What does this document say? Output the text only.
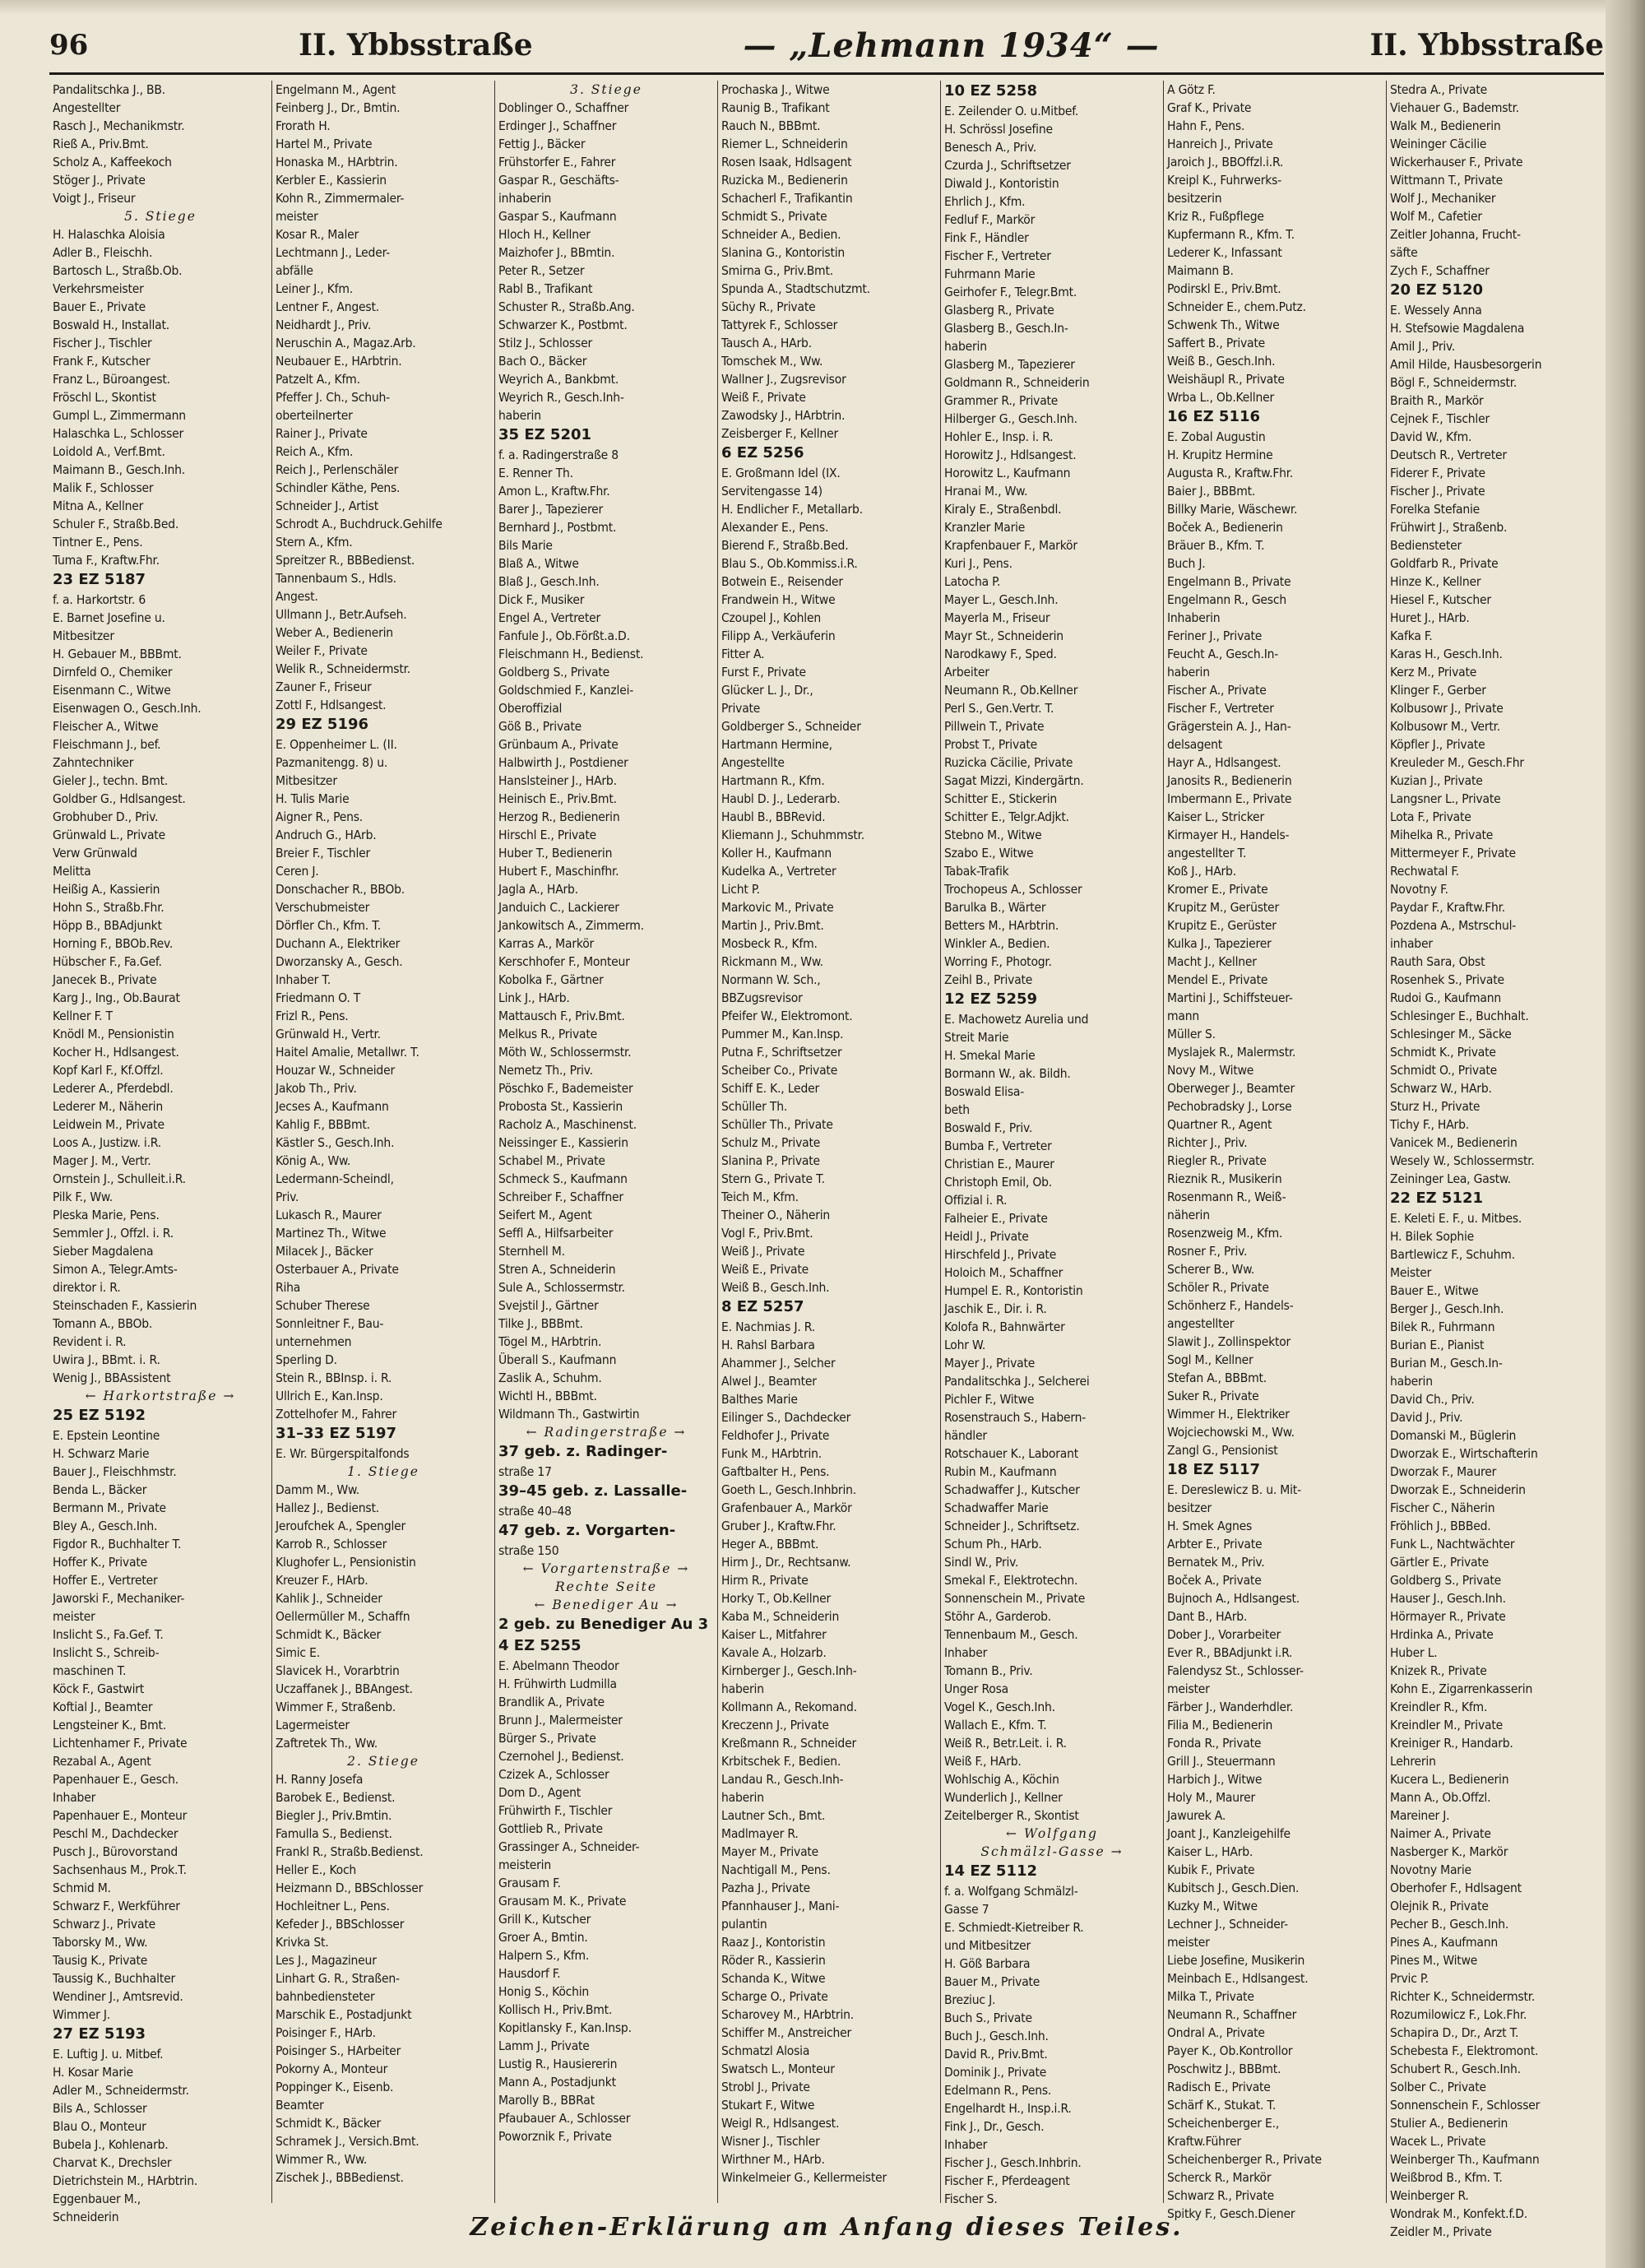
96	II. Ybbsstraße	— „Lehmann 1934“ —	II. Ybbsstraße
Pandalitschka J., BB.
Angestellter
Rasch J., Mechanikmstr.
Rieß A., Priv.Bmt.
Scholz A., Kaffeekoch
Stöger J., Private
Voigt J., Friseur
5. Stiege
H. Halaschka Aloisia
Adler B., Fleischh.
Bartosch L., Straßb.Ob.
Verkehrsmeister
Bauer E., Private
Boswald H., Installat.
Fischer J., Tischler
Frank F., Kutscher
Franz L., Büroangest.
Fröschl L., Skontist
Gumpl L., Zimmermann
Halaschka L., Schlosser
Loidold A., Verf.Bmt.
Maimann B., Gesch.Inh.
Malik F., Schlosser
Mitna A., Kellner
Schuler F., Straßb.Bed.
Tintner E., Pens.
Tuma F., Kraftw.Fhr.
23 EZ 5187
f. a. Harkortstr. 6
E. Barnet Josefine u.
Mitbesitzer
H. Gebauer M., BBBmt.
Dirnfeld O., Chemiker
Eisenmann C., Witwe
Eisenwagen O., Gesch.Inh.
Fleischer A., Witwe
Fleischmann J., bef.
Zahntechniker
Gieler J., techn. Bmt.
Goldber G., Hdlsangest.
Grobhuber D., Priv.
Grünwald L., Private
Verw Grünwald
Melitta
Heißig A., Kassierin
Hohn S., Straßb.Fhr.
Höpp B., BBAdjunkt
Horning F., BBOb.Rev.
Hübscher F., Fa.Gef.
Janecek B., Private
Karg J., Ing., Ob.Baurat
Kellner F. T
Knödl M., Pensionistin
Kocher H., Hdlsangest.
Kopf Karl F., Kf.Offzl.
Lederer A., Pferdebdl.
Lederer M., Näherin
Leidwein M., Private
Loos A., Justizw. i.R.
Mager J. M., Vertr.
Ornstein J., Schulleit.i.R.
Pilk F., Ww.
Pleska Marie, Pens.
Semmler J., Offzl. i. R.
Sieber Magdalena
Simon A., Telegr.Amts-
direktor i. R.
Steinschaden F., Kassierin
Tomann A., BBOb.
Revident i. R.
Uwira J., BBmt. i. R.
Wenig J., BBAssistent
← Harkortstraße →
25 EZ 5192
E. Epstein Leontine
H. Schwarz Marie
Bauer J., Fleischhmstr.
Benda L., Bäcker
Bermann M., Private
Bley A., Gesch.Inh.
Figdor R., Buchhalter T.
Hoffer K., Private
Hoffer E., Vertreter
Jaworski F., Mechaniker-
meister
Inslicht S., Fa.Gef. T.
Inslicht S., Schreib-
maschinen T.
Köck F., Gastwirt
Koftial J., Beamter
Lengsteiner K., Bmt.
Lichtenhamer F., Private
Rezabal A., Agent
Papenhauer E., Gesch.
Inhaber
Papenhauer E., Monteur
Peschl M., Dachdecker
Pusch J., Bürovorstand
Sachsenhaus M., Prok.T.
Schmid M.
Schwarz F., Werkführer
Schwarz J., Private
Taborsky M., Ww.
Tausig K., Private
Taussig K., Buchhalter
Wendiner J., Amtsrevid.
Wimmer J.
27 EZ 5193
E. Luftig J. u. Mitbef.
H. Kosar Marie
Adler M., Schneidermstr.
Bils A., Schlosser
Blau O., Monteur
Bubela J., Kohlenarb.
Charvat K., Drechsler
Dietrichstein M., HArbtrin.
Eggenbauer M.,
Schneiderin
Engelmann M., Agent
Feinberg J., Dr., Bmtin.
Frorath H.
Hartel M., Private
Honaska M., HArbtrin.
Kerbler E., Kassierin
Kohn R., Zimmermaler-
meister
Kosar R., Maler
Lechtmann J., Leder-
abfälle
Leiner J., Kfm.
Lentner F., Angest.
Neidhardt J., Priv.
Neruschin A., Magaz.Arb.
Neubauer E., HArbtrin.
Patzelt A., Kfm.
Pfeffer J. Ch., Schuh-
oberteilnerter
Rainer J., Private
Reich A., Kfm.
Reich J., Perlenschäler
Schindler Käthe, Pens.
Schneider J., Artist
Schrodt A., Buchdruck.Gehilfe
Stern A., Kfm.
Spreitzer R., BBBedienst.
Tannenbaum S., Hdls.
Angest.
Ullmann J., Betr.Aufseh.
Weber A., Bedienerin
Weiler F., Private
Welik R., Schneidermstr.
Zauner F., Friseur
Zottl F., Hdlsangest.
29 EZ 5196
E. Oppenheimer L. (II.
Pazmanitengg. 8) u.
Mitbesitzer
H. Tulis Marie
Aigner R., Pens.
Andruch G., HArb.
Breier F., Tischler
Ceren J.
Donschacher R., BBOb.
Verschubmeister
Dörfler Ch., Kfm. T.
Duchann A., Elektriker
Dworzansky A., Gesch.
Inhaber T.
Friedmann O. T
Frizl R., Pens.
Grünwald H., Vertr.
Haitel Amalie, Metallwr. T.
Houzar W., Schneider
Jakob Th., Priv.
Jecses A., Kaufmann
Kahlig F., BBBmt.
Kästler S., Gesch.Inh.
König A., Ww.
Ledermann-Scheindl,
Priv.
Lukasch R., Maurer
Martinez Th., Witwe
Milacek J., Bäcker
Osterbauer A., Private
Riha
Schuber Therese
Sonnleitner F., Bau-
unternehmen
Sperling D.
Stein R., BBInsp. i. R.
Ullrich E., Kan.Insp.
Zottelhofer M., Fahrer
31–33 EZ 5197
E. Wr. Bürgerspitalfonds
1. Stiege
Damm M., Ww.
Hallez J., Bedienst.
Jeroufchek A., Spengler
Karrob R., Schlosser
Klughofer L., Pensionistin
Kreuzer F., HArb.
Kahlik J., Schneider
Oellermüller M., Schaffn
Schmidt K., Bäcker
Simic E.
Slavicek H., Vorarbtrin
Uczaffanek J., BBAngest.
Wimmer F., Straßenb.
Lagermeister
Zaftretek Th., Ww.
2. Stiege
H. Ranny Josefa
Barobek E., Bedienst.
Biegler J., Priv.Bmtin.
Famulla S., Bedienst.
Frankl R., Straßb.Bedienst.
Heller E., Koch
Heizmann D., BBSchlosser
Hochleitner L., Pens.
Kefeder J., BBSchlosser
Krivka St.
Les J., Magazineur
Linhart G. R., Straßen-
bahnbediensteter
Marschik E., Postadjunkt
Poisinger F., HArb.
Poisinger S., HArbeiter
Pokorny A., Monteur
Poppinger K., Eisenb.
Beamter
Schmidt K., Bäcker
Schramek J., Versich.Bmt.
Wimmer R., Ww.
Zischek J., BBBedienst.
3. Stiege
Doblinger O., Schaffner
Erdinger J., Schaffner
Fettig J., Bäcker
Frühstorfer E., Fahrer
Gaspar R., Geschäfts-
inhaberin
Gaspar S., Kaufmann
Hloch H., Kellner
Maizhofer J., BBmtin.
Peter R., Setzer
Rabl B., Trafikant
Schuster R., Straßb.Ang.
Schwarzer K., Postbmt.
Stilz J., Schlosser
Bach O., Bäcker
Weyrich A., Bankbmt.
Weyrich R., Gesch.Inh-
haberin
35 EZ 5201
f. a. Radingerstraße 8
E. Renner Th.
Amon L., Kraftw.Fhr.
Barer J., Tapezierer
Bernhard J., Postbmt.
Bils Marie
Blaß A., Witwe
Blaß J., Gesch.Inh.
Dick F., Musiker
Engel A., Vertreter
Fanfule J., Ob.Förßt.a.D.
Fleischmann H., Bedienst.
Goldberg S., Private
Goldschmied F., Kanzlei-
Oberoffizial
Göß B., Private
Grünbaum A., Private
Halbwirth J., Postdiener
Hanslsteiner J., HArb.
Heinisch E., Priv.Bmt.
Herzog R., Bedienerin
Hirschl E., Private
Huber T., Bedienerin
Hubert F., Maschinfhr.
Jagla A., HArb.
Janduich C., Lackierer
Jankowitsch A., Zimmerm.
Karras A., Markör
Kerschhofer F., Monteur
Kobolka F., Gärtner
Link J., HArb.
Mattausch F., Priv.Bmt.
Melkus R., Private
Möth W., Schlossermstr.
Nemetz Th., Priv.
Pöschko F., Bademeister
Probosta St., Kassierin
Racholz A., Maschinenst.
Neissinger E., Kassierin
Schabel M., Private
Schmeck S., Kaufmann
Schreiber F., Schaffner
Seifert M., Agent
Seffl A., Hilfsarbeiter
Sternhell M.
Stren A., Schneiderin
Sule A., Schlossermstr.
Svejstil J., Gärtner
Tilke J., BBBmt.
Tögel M., HArbtrin.
Überall S., Kaufmann
Zaslik A., Schuhm.
Wichtl H., BBBmt.
Wildmann Th., Gastwirtin
← Radingerstraße →
37 geb. z. Radinger-
straße 17
39–45 geb. z. Lassalle-
straße 40–48
47 geb. z. Vorgarten-
straße 150
← Vorgartenstraße →
Rechte Seite
← Benediger Au →
2 geb. zu Benediger Au 3
4 EZ 5255
E. Abelmann Theodor
H. Frühwirth Ludmilla
Brandlik A., Private
Brunn J., Malermeister
Bürger S., Private
Czernohel J., Bedienst.
Czizek A., Schlosser
Dom D., Agent
Frühwirth F., Tischler
Gottlieb R., Private
Grassinger A., Schneider-
meisterin
Grausam F.
Grausam M. K., Private
Grill K., Kutscher
Groer A., Bmtin.
Halpern S., Kfm.
Hausdorf F.
Honig S., Köchin
Kollisch H., Priv.Bmt.
Kopitlansky F., Kan.Insp.
Lamm J., Private
Lustig R., Hausiererin
Mann A., Postadjunkt
Marolly B., BBRat
Pfaubauer A., Schlosser
Poworznik F., Private
Prochaska J., Witwe
Raunig B., Trafikant
Rauch N., BBBmt.
Riemer L., Schneiderin
Rosen Isaak, Hdlsagent
Ruzicka M., Bedienerin
Schacherl F., Trafikantin
Schmidt S., Private
Schneider A., Bedien.
Slanina G., Kontoristin
Smirna G., Priv.Bmt.
Spunda A., Stadtschutzmt.
Süchy R., Private
Tattyrek F., Schlosser
Tausch A., HArb.
Tomschek M., Ww.
Wallner J., Zugsrevisor
Weiß F., Private
Zawodsky J., HArbtrin.
Zeisberger F., Kellner
6 EZ 5256
E. Großmann Idel (IX.
Servitengasse 14)
H. Endlicher F., Metallarb.
Alexander E., Pens.
Bierend F., Straßb.Bed.
Blau S., Ob.Kommiss.i.R.
Botwein E., Reisender
Frandwein H., Witwe
Czoupel J., Kohlen
Filipp A., Verkäuferin
Fitter A.
Furst F., Private
Glücker L. J., Dr.,
Private
Goldberger S., Schneider
Hartmann Hermine,
Angestellte
Hartmann R., Kfm.
Haubl D. J., Lederarb.
Haubl B., BBRevid.
Kliemann J., Schuhmmstr.
Koller H., Kaufmann
Kudelka A., Vertreter
Licht P.
Markovic M., Private
Martin J., Priv.Bmt.
Mosbeck R., Kfm.
Rickmann M., Ww.
Normann W. Sch.,
BBZugsrevisor
Pfeifer W., Elektromont.
Pummer M., Kan.Insp.
Putna F., Schriftsetzer
Scheiber Co., Private
Schiff E. K., Leder
Schüller Th.
Schüller Th., Private
Schulz M., Private
Slanina P., Private
Stern G., Private T.
Teich M., Kfm.
Theiner O., Näherin
Vogl F., Priv.Bmt.
Weiß J., Private
Weiß E., Private
Weiß B., Gesch.Inh.
8 EZ 5257
E. Nachmias J. R.
H. Rahsl Barbara
Ahammer J., Selcher
Alwel J., Beamter
Balthes Marie
Eilinger S., Dachdecker
Feldhofer J., Private
Funk M., HArbtrin.
Gaftbalter H., Pens.
Goeth L., Gesch.Inhbrin.
Grafenbauer A., Markör
Gruber J., Kraftw.Fhr.
Heger A., BBBmt.
Hirm J., Dr., Rechtsanw.
Hirm R., Private
Horky T., Ob.Kellner
Kaba M., Schneiderin
Kaiser L., Mitfahrer
Kavale A., Holzarb.
Kirnberger J., Gesch.Inh-
haberin
Kollmann A., Rekomand.
Kreczenn J., Private
Kreßmann R., Schneider
Krbitschek F., Bedien.
Landau R., Gesch.Inh-
haberin
Lautner Sch., Bmt.
Madlmayer R.
Mayer M., Private
Nachtigall M., Pens.
Pazha J., Private
Pfannhauser J., Mani-
pulantin
Raaz J., Kontoristin
Röder R., Kassierin
Schanda K., Witwe
Scharge O., Private
Scharovey M., HArbtrin.
Schiffer M., Anstreicher
Schmatzl Alosia
Swatsch L., Monteur
Strobl J., Private
Stukart F., Witwe
Weigl R., Hdlsangest.
Wisner J., Tischler
Wirthner M., HArb.
Winkelmeier G., Kellermeister
10 EZ 5258
E. Zeilender O. u.Mitbef.
H. Schrössl Josefine
Benesch A., Priv.
Czurda J., Schriftsetzer
Diwald J., Kontoristin
Ehrlich J., Kfm.
Fedluf F., Markör
Fink F., Händler
Fischer F., Vertreter
Fuhrmann Marie
Geirhofer F., Telegr.Bmt.
Glasberg R., Private
Glasberg B., Gesch.In-
haberin
Glasberg M., Tapezierer
Goldmann R., Schneiderin
Grammer R., Private
Hilberger G., Gesch.Inh.
Hohler E., Insp. i. R.
Horowitz J., Hdlsangest.
Horowitz L., Kaufmann
Hranai M., Ww.
Kiraly E., Straßenbdl.
Kranzler Marie
Krapfenbauer F., Markör
Kuri J., Pens.
Latocha P.
Mayer L., Gesch.Inh.
Mayerla M., Friseur
Mayr St., Schneiderin
Narodkawy F., Sped.
Arbeiter
Neumann R., Ob.Kellner
Perl S., Gen.Vertr. T.
Pillwein T., Private
Probst T., Private
Ruzicka Cäcilie, Private
Sagat Mizzi, Kindergärtn.
Schitter E., Stickerin
Schitter E., Telgr.Adjkt.
Stebno M., Witwe
Szabo E., Witwe
Tabak-Trafik
Trochopeus A., Schlosser
Barulka B., Wärter
Betters M., HArbtrin.
Winkler A., Bedien.
Worring F., Photogr.
Zeihl B., Private
12 EZ 5259
E. Machowetz Aurelia und
Streit Marie
H. Smekal Marie
Bormann W., ak. Bildh.
Boswald Elisa-
beth
Boswald F., Priv.
Bumba F., Vertreter
Christian E., Maurer
Christoph Emil, Ob.
Offizial i. R.
Falheier E., Private
Heidl J., Private
Hirschfeld J., Private
Holoich M., Schaffner
Humpel E. R., Kontoristin
Jaschik E., Dir. i. R.
Kolofa R., Bahnwärter
Lohr W.
Mayer J., Private
Pandalitschka J., Selcherei
Pichler F., Witwe
Rosenstrauch S., Habern-
händler
Rotschauer K., Laborant
Rubin M., Kaufmann
Schadwaffer J., Kutscher
Schadwaffer Marie
Schneider J., Schriftsetz.
Schum Ph., HArb.
Sindl W., Priv.
Smekal F., Elektrotechn.
Sonnenschein M., Private
Stöhr A., Garderob.
Tennenbaum M., Gesch.
Inhaber
Tomann B., Priv.
Unger Rosa
Vogel K., Gesch.Inh.
Wallach E., Kfm. T.
Weiß R., Betr.Leit. i. R.
Weiß F., HArb.
Wohlschig A., Köchin
Wunderlich J., Kellner
Zeitelberger R., Skontist
← Wolfgang
Schmälzl-Gasse →
14 EZ 5112
f. a. Wolfgang Schmälzl-
Gasse 7
E. Schmiedt-Kietreiber R.
und Mitbesitzer
H. Göß Barbara
Bauer M., Private
Breziuc J.
Buch S., Private
Buch J., Gesch.Inh.
David R., Priv.Bmt.
Dominik J., Private
Edelmann R., Pens.
Engelhardt H., Insp.i.R.
Fink J., Dr., Gesch.
Inhaber
Fischer J., Gesch.Inhbrin.
Fischer F., Pferdeagent
Fischer S.
A Götz F.
Graf K., Private
Hahn F., Pens.
Hanreich J., Private
Jaroich J., BBOffzl.i.R.
Kreipl K., Fuhrwerks-
besitzerin
Kriz R., Fußpflege
Kupfermann R., Kfm. T.
Lederer K., Infassant
Maimann B.
Podirskl E., Priv.Bmt.
Schneider E., chem.Putz.
Schwenk Th., Witwe
Saffert B., Private
Weiß B., Gesch.Inh.
Weishäupl R., Private
Wrba L., Ob.Kellner
16 EZ 5116
E. Zobal Augustin
H. Krupitz Hermine
Augusta R., Kraftw.Fhr.
Baier J., BBBmt.
Billky Marie, Wäschewr.
Boček A., Bedienerin
Bräuer B., Kfm. T.
Buch J.
Engelmann B., Private
Engelmann R., Gesch
Inhaberin
Feriner J., Private
Feucht A., Gesch.In-
haberin
Fischer A., Private
Fischer F., Vertreter
Grägerstein A. J., Han-
delsagent
Hayr A., Hdlsangest.
Janosits R., Bedienerin
Imbermann E., Private
Kaiser L., Stricker
Kirmayer H., Handels-
angestellter T.
Koß J., HArb.
Kromer E., Private
Krupitz M., Gerüster
Krupitz E., Gerüster
Kulka J., Tapezierer
Macht J., Kellner
Mendel E., Private
Martini J., Schiffsteuer-
mann
Müller S.
Myslajek R., Malermstr.
Novy M., Witwe
Oberweger J., Beamter
Pechobradsky J., Lorse
Quartner R., Agent
Richter J., Priv.
Riegler R., Private
Rieznik R., Musikerin
Rosenmann R., Weiß-
näherin
Rosenzweig M., Kfm.
Rosner F., Priv.
Scherer B., Ww.
Schöler R., Private
Schönherz F., Handels-
angestellter
Slawit J., Zollinspektor
Sogl M., Kellner
Stefan A., BBBmt.
Suker R., Private
Wimmer H., Elektriker
Wojciechowski M., Ww.
Zangl G., Pensionist
18 EZ 5117
E. Dereslewicz B. u. Mit-
besitzer
H. Smek Agnes
Arbter E., Private
Bernatek M., Priv.
Boček A., Private
Bujnoch A., Hdlsangest.
Dant B., HArb.
Dober J., Vorarbeiter
Ever R., BBAdjunkt i.R.
Falendysz St., Schlosser-
meister
Färber J., Wanderhdler.
Filia M., Bedienerin
Fonda R., Private
Grill J., Steuermann
Harbich J., Witwe
Holy M., Maurer
Jawurek A.
Joant J., Kanzleigehilfe
Kaiser L., HArb.
Kubik F., Private
Kubitsch J., Gesch.Dien.
Kuzky M., Witwe
Lechner J., Schneider-
meister
Liebe Josefine, Musikerin
Meinbach E., Hdlsangest.
Milka T., Private
Neumann R., Schaffner
Ondral A., Private
Payer K., Ob.Kontrollor
Poschwitz J., BBBmt.
Radisch E., Private
Schärf K., Stukat. T.
Scheichenberger E.,
Kraftw.Führer
Scheichenberger R., Private
Scherck R., Markör
Schwarz R., Private
Spitky F., Gesch.Diener
Stedra A., Private
Viehauer G., Bademstr.
Walk M., Bedienerin
Weininger Cäcilie
Wickerhauser F., Private
Wittmann T., Private
Wolf J., Mechaniker
Wolf M., Cafetier
Zeitler Johanna, Frucht-
säfte
Zych F., Schaffner
20 EZ 5120
E. Wessely Anna
H. Stefsowie Magdalena
Amil J., Priv.
Amil Hilde, Hausbesorgerin
Bögl F., Schneidermstr.
Braith R., Markör
Cejnek F., Tischler
David W., Kfm.
Deutsch R., Vertreter
Fiderer F., Private
Fischer J., Private
Forelka Stefanie
Frühwirt J., Straßenb.
Bediensteter
Goldfarb R., Private
Hinze K., Kellner
Hiesel F., Kutscher
Huret J., HArb.
Kafka F.
Karas H., Gesch.Inh.
Kerz M., Private
Klinger F., Gerber
Kolbusowr J., Private
Kolbusowr M., Vertr.
Köpfler J., Private
Kreuleder M., Gesch.Fhr
Kuzian J., Private
Langsner L., Private
Lota F., Private
Mihelka R., Private
Mittermeyer F., Private
Rechwatal F.
Novotny F.
Paydar F., Kraftw.Fhr.
Pozdena A., Mstrschul-
inhaber
Rauth Sara, Obst
Rosenhek S., Private
Rudoi G., Kaufmann
Schlesinger E., Buchhalt.
Schlesinger M., Säcke
Schmidt K., Private
Schmidt O., Private
Schwarz W., HArb.
Sturz H., Private
Tichy F., HArb.
Vanicek M., Bedienerin
Wesely W., Schlossermstr.
Zeininger Lea, Gastw.
22 EZ 5121
E. Keleti E. F., u. Mitbes.
H. Bilek Sophie
Bartlewicz F., Schuhm.
Meister
Bauer E., Witwe
Berger J., Gesch.Inh.
Bilek R., Fuhrmann
Burian E., Pianist
Burian M., Gesch.In-
haberin
David Ch., Priv.
David J., Priv.
Domanski M., Büglerin
Dworzak E., Wirtschafterin
Dworzak F., Maurer
Dworzak E., Schneiderin
Fischer C., Näherin
Fröhlich J., BBBed.
Funk L., Nachtwächter
Gärtler E., Private
Goldberg S., Private
Hauser J., Gesch.Inh.
Hörmayer R., Private
Hrdinka A., Private
Huber L.
Knizek R., Private
Kohn E., Zigarrenkasserin
Kreindler R., Kfm.
Kreindler M., Private
Kreiniger R., Handarb.
Lehrerin
Kucera L., Bedienerin
Mann A., Ob.Offzl.
Mareiner J.
Naimer A., Private
Nasberger K., Markör
Novotny Marie
Oberhofer F., Hdlsagent
Olejnik R., Private
Pecher B., Gesch.Inh.
Pines A., Kaufmann
Pines M., Witwe
Prvic P.
Richter K., Schneidermstr.
Rozumilowicz F., Lok.Fhr.
Schapira D., Dr., Arzt T.
Schebesta F., Elektromont.
Schubert R., Gesch.Inh.
Solber C., Private
Sonnenschein F., Schlosser
Stulier A., Bedienerin
Wacek L., Private
Weinberger Th., Kaufmann
Weißbrod B., Kfm. T.
Weinberger R.
Wondrak M., Konfekt.f.D.
Zeidler M., Private
Zeichen-Erklärung am Anfang dieses Teiles.
